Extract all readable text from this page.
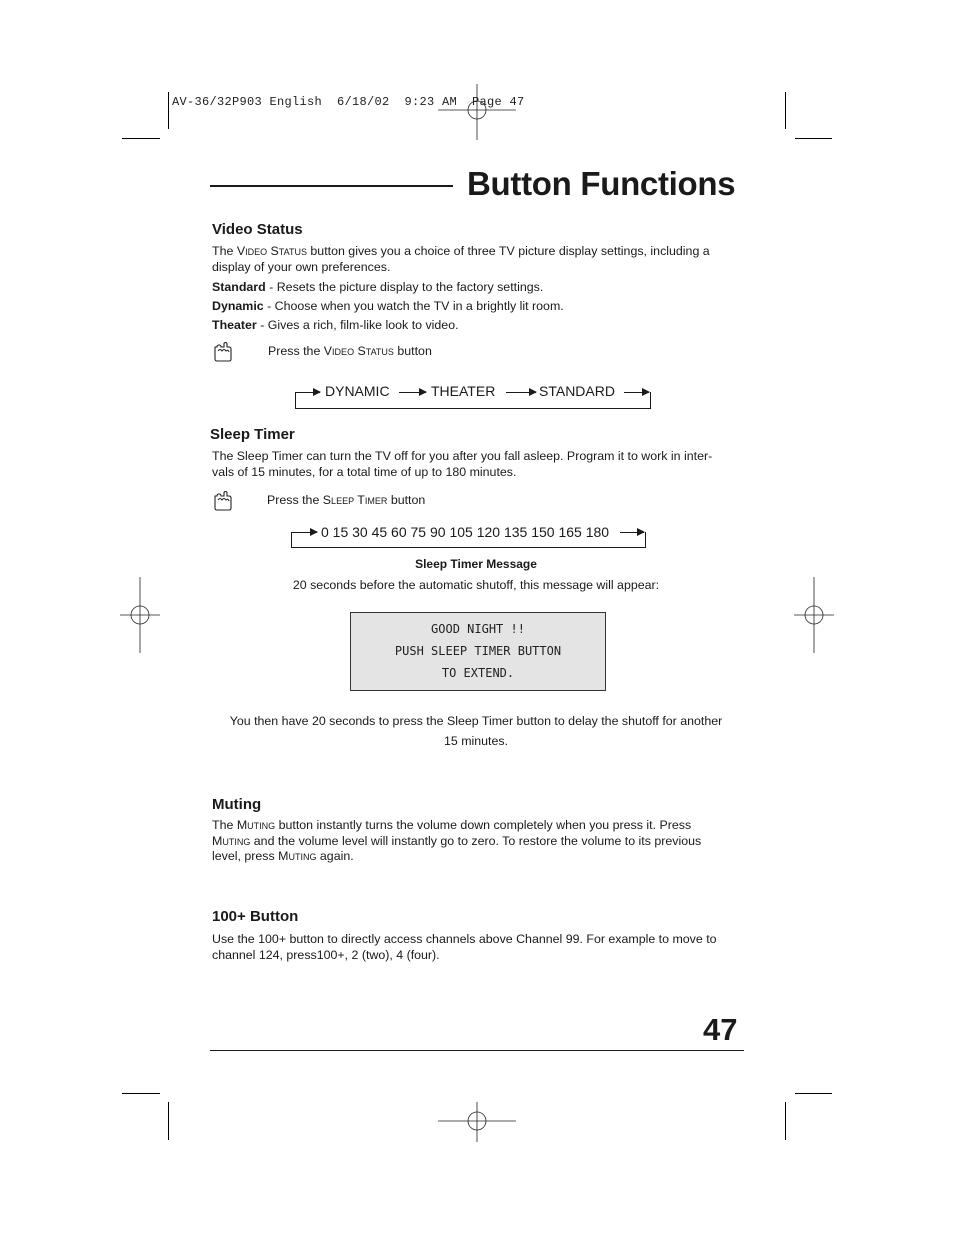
AV-36/32P903 English  6/18/02  9:23 AM  Page 47
Button Functions
Video Status

The Video Status button gives you a choice of three TV picture display settings, including a
display of your own preferences.

Standard - Resets the picture display to the factory settings.

Dynamic - Choose when you watch the TV in a brightly lit room.

Theater - Gives a rich, film-like look to video.

Press the Video Status button

DYNAMIC	THEATER	STANDARD
Sleep Timer

The Sleep Timer can turn the TV off for you after you fall asleep. Program it to work in inter-
vals of 15 minutes, for a total time of up to 180 minutes.

Press the Sleep Timer button

0 15 30 45 60 75 90 105 120 135 150 165 180
Sleep Timer Message
20 seconds before the automatic shutoff, this message will appear:
GOOD NIGHT !!
PUSH SLEEP TIMER BUTTON
TO EXTEND.
You then have 20 seconds to press the Sleep Timer button to delay the shutoff for another
15 minutes.
Muting

The Muting button instantly turns the volume down completely when you press it. Press
Muting and the volume level will instantly go to zero. To restore the volume to its previous
level, press Muting again.

100+ Button

Use the 100+ button to directly access channels above Channel 99. For example to move to
channel 124, press100+, 2 (two), 4 (four).

47
